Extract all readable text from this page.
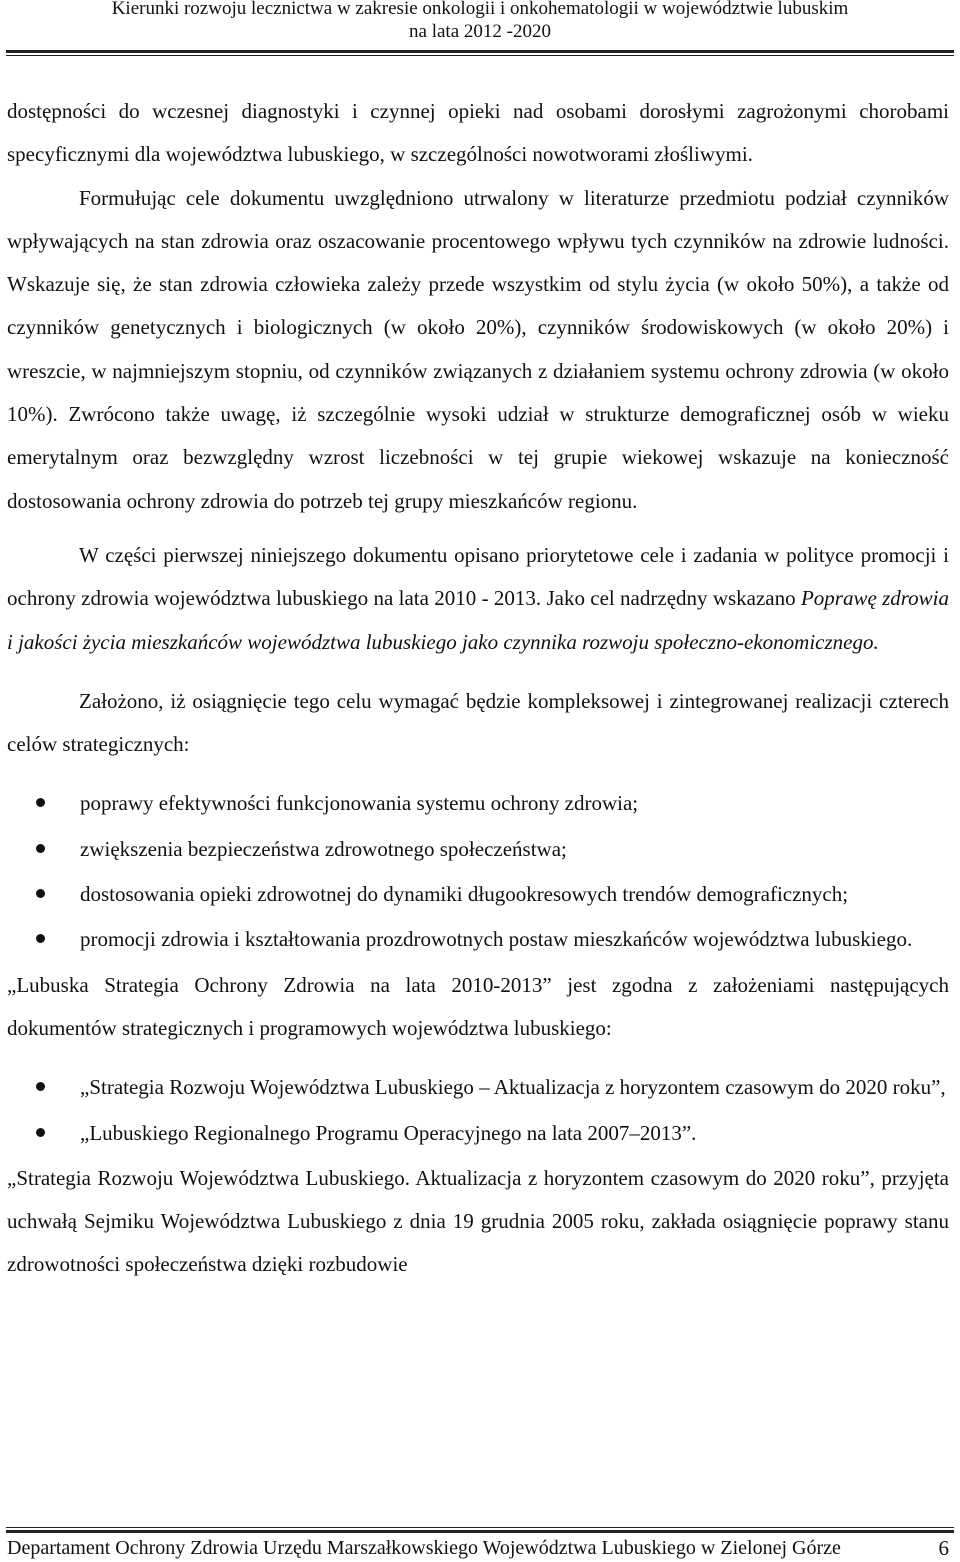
Kierunki rozwoju lecznictwa w zakresie onkologii i onkohematologii w województwie lubuskim
na lata 2012 -2020

dostępności do wczesnej diagnostyki i czynnej opieki nad osobami dorosłymi zagrożonymi chorobami specyficznymi dla województwa lubuskiego, w szczególności nowotworami złośliwymi.

Formułując cele dokumentu uwzględniono utrwalony w literaturze przedmiotu podział czynników wpływających na stan zdrowia oraz oszacowanie procentowego wpływu tych czynników na zdrowie ludności. Wskazuje się, że stan zdrowia człowieka zależy przede wszystkim od stylu życia (w około 50%), a także od czynników genetycznych i biologicznych (w około 20%), czynników środowiskowych (w około 20%) i wreszcie, w najmniejszym stopniu, od czynników związanych z działaniem systemu ochrony zdrowia (w około 10%). Zwrócono także uwagę, iż szczególnie wysoki udział w strukturze demograficznej osób w wieku emerytalnym oraz bezwzględny wzrost liczebności w tej grupie wiekowej wskazuje na konieczność dostosowania ochrony zdrowia do potrzeb tej grupy mieszkańców regionu.

W części pierwszej niniejszego dokumentu opisano priorytetowe cele i zadania w polityce promocji i ochrony zdrowia województwa lubuskiego na lata 2010 - 2013. Jako cel nadrzędny wskazano Poprawę zdrowia i jakości życia mieszkańców województwa lubuskiego jako czynnika rozwoju społeczno-ekonomicznego.

Założono, iż osiągnięcie tego celu wymagać będzie kompleksowej i zintegrowanej realizacji czterech celów strategicznych:

poprawy efektywności funkcjonowania systemu ochrony zdrowia;
zwiększenia bezpieczeństwa zdrowotnego społeczeństwa;
dostosowania opieki zdrowotnej do dynamiki długookresowych trendów demograficznych;
promocji zdrowia i kształtowania prozdrowotnych postaw mieszkańców województwa lubuskiego.

„Lubuska Strategia Ochrony Zdrowia na lata 2010-2013” jest zgodna z założeniami następujących dokumentów strategicznych i programowych województwa lubuskiego:

„Strategia Rozwoju Województwa Lubuskiego – Aktualizacja z horyzontem czasowym do 2020 roku”,
„Lubuskiego Regionalnego Programu Operacyjnego na lata 2007–2013”.

„Strategia Rozwoju Województwa Lubuskiego. Aktualizacja z horyzontem czasowym do 2020 roku”, przyjęta uchwałą Sejmiku Województwa Lubuskiego z dnia 19 grudnia 2005 roku, zakłada osiągnięcie poprawy stanu zdrowotności społeczeństwa dzięki rozbudowie

Departament Ochrony Zdrowia Urzędu Marszałkowskiego Województwa Lubuskiego w Zielonej Górze	6
